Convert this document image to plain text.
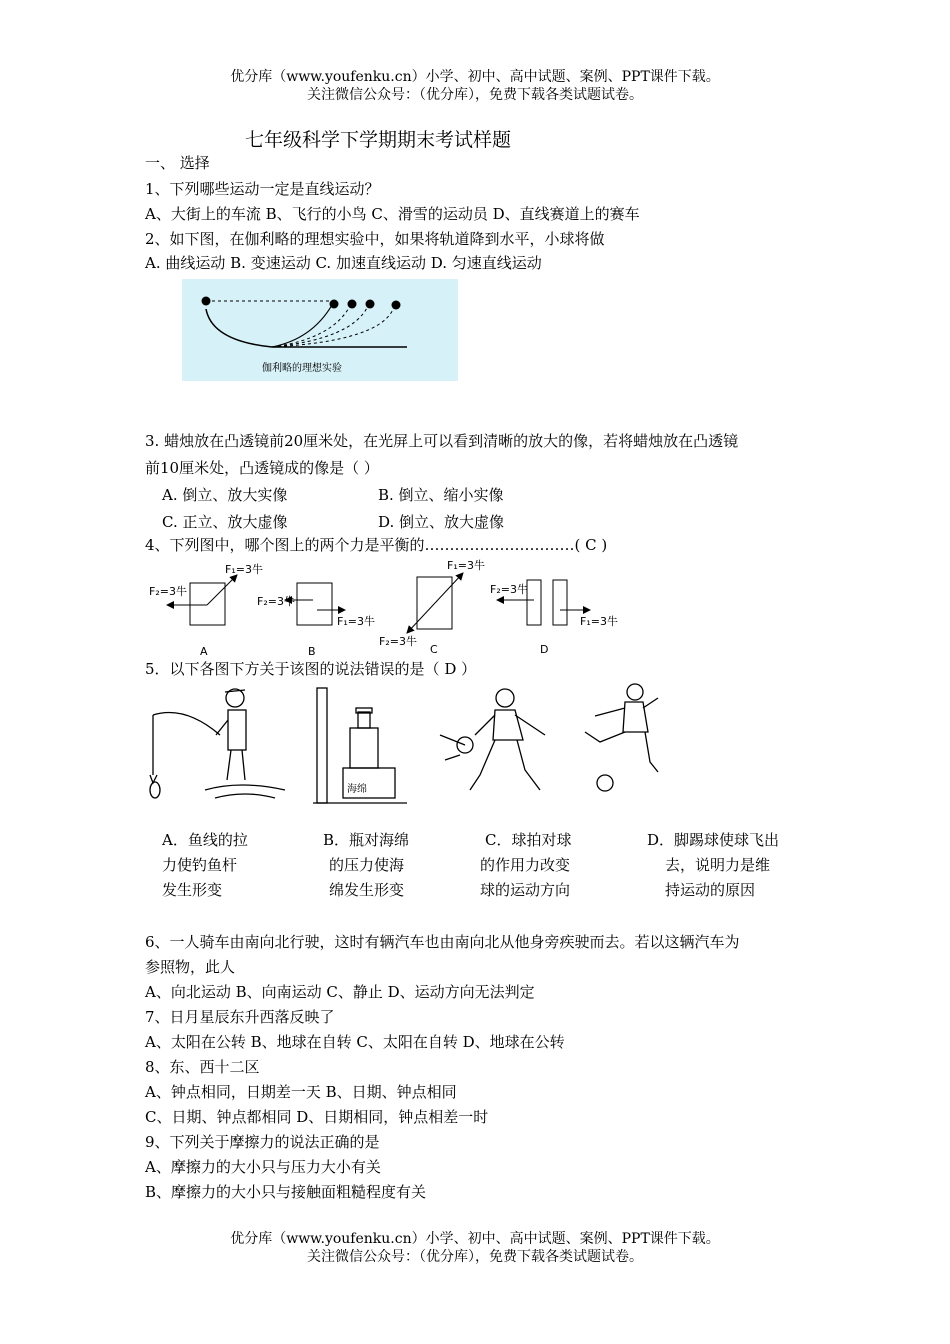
优分库（www.youfenku.cn）小学、初中、高中试题、案例、PPT课件下载。
关注微信公众号：（优分库），免费下载各类试题试卷。
七年级科学下学期期末考试样题
一、 选择
1、下列哪些运动一定是直线运动？
A、大街上的车流 B、飞行的小鸟 C、滑雪的运动员 D、直线赛道上的赛车
2、如下图，在伽利略的理想实验中，如果将轨道降到水平，小球将做
A. 曲线运动 B. 变速运动 C. 加速直线运动 D. 匀速直线运动
伽利略的理想实验
3. 蜡烛放在凸透镜前20厘米处，在光屏上可以看到清晰的放大的像，若将蜡烛放在凸透镜
前10厘米处，凸透镜成的像是（ ）
A. 倒立、放大实像	B. 倒立、缩小实像
C. 正立、放大虚像	D. 倒立、放大虚像
4、下列图中，哪个图上的两个力是平衡的…………………………( C )
F₂=3牛
F₁=3牛
A
F₂=3牛
F₁=3牛
B
F₁=3牛
F₂=3牛
C
F₂=3牛
F₁=3牛
D
5．以下各图下方关于该图的说法错误的是（ D ）
海绵
A．鱼线的拉
力使钓鱼杆
发生形变
B．瓶对海绵
的压力使海
绵发生形变
C．球拍对球
的作用力改变
球的运动方向
D．脚踢球使球飞出
去，说明力是维
持运动的原因
6、一人骑车由南向北行驶，这时有辆汽车也由南向北从他身旁疾驶而去。若以这辆汽车为
参照物，此人
A、向北运动 B、向南运动 C、静止 D、运动方向无法判定
7、日月星辰东升西落反映了
A、太阳在公转 B、地球在自转 C、太阳在自转 D、地球在公转
8、东、西十二区
A、钟点相同，日期差一天 B、日期、钟点相同
C、日期、钟点都相同 D、日期相同，钟点相差一时
9、下列关于摩擦力的说法正确的是
A、摩擦力的大小只与压力大小有关
B、摩擦力的大小只与接触面粗糙程度有关
优分库（www.youfenku.cn）小学、初中、高中试题、案例、PPT课件下载。
关注微信公众号：（优分库），免费下载各类试题试卷。
